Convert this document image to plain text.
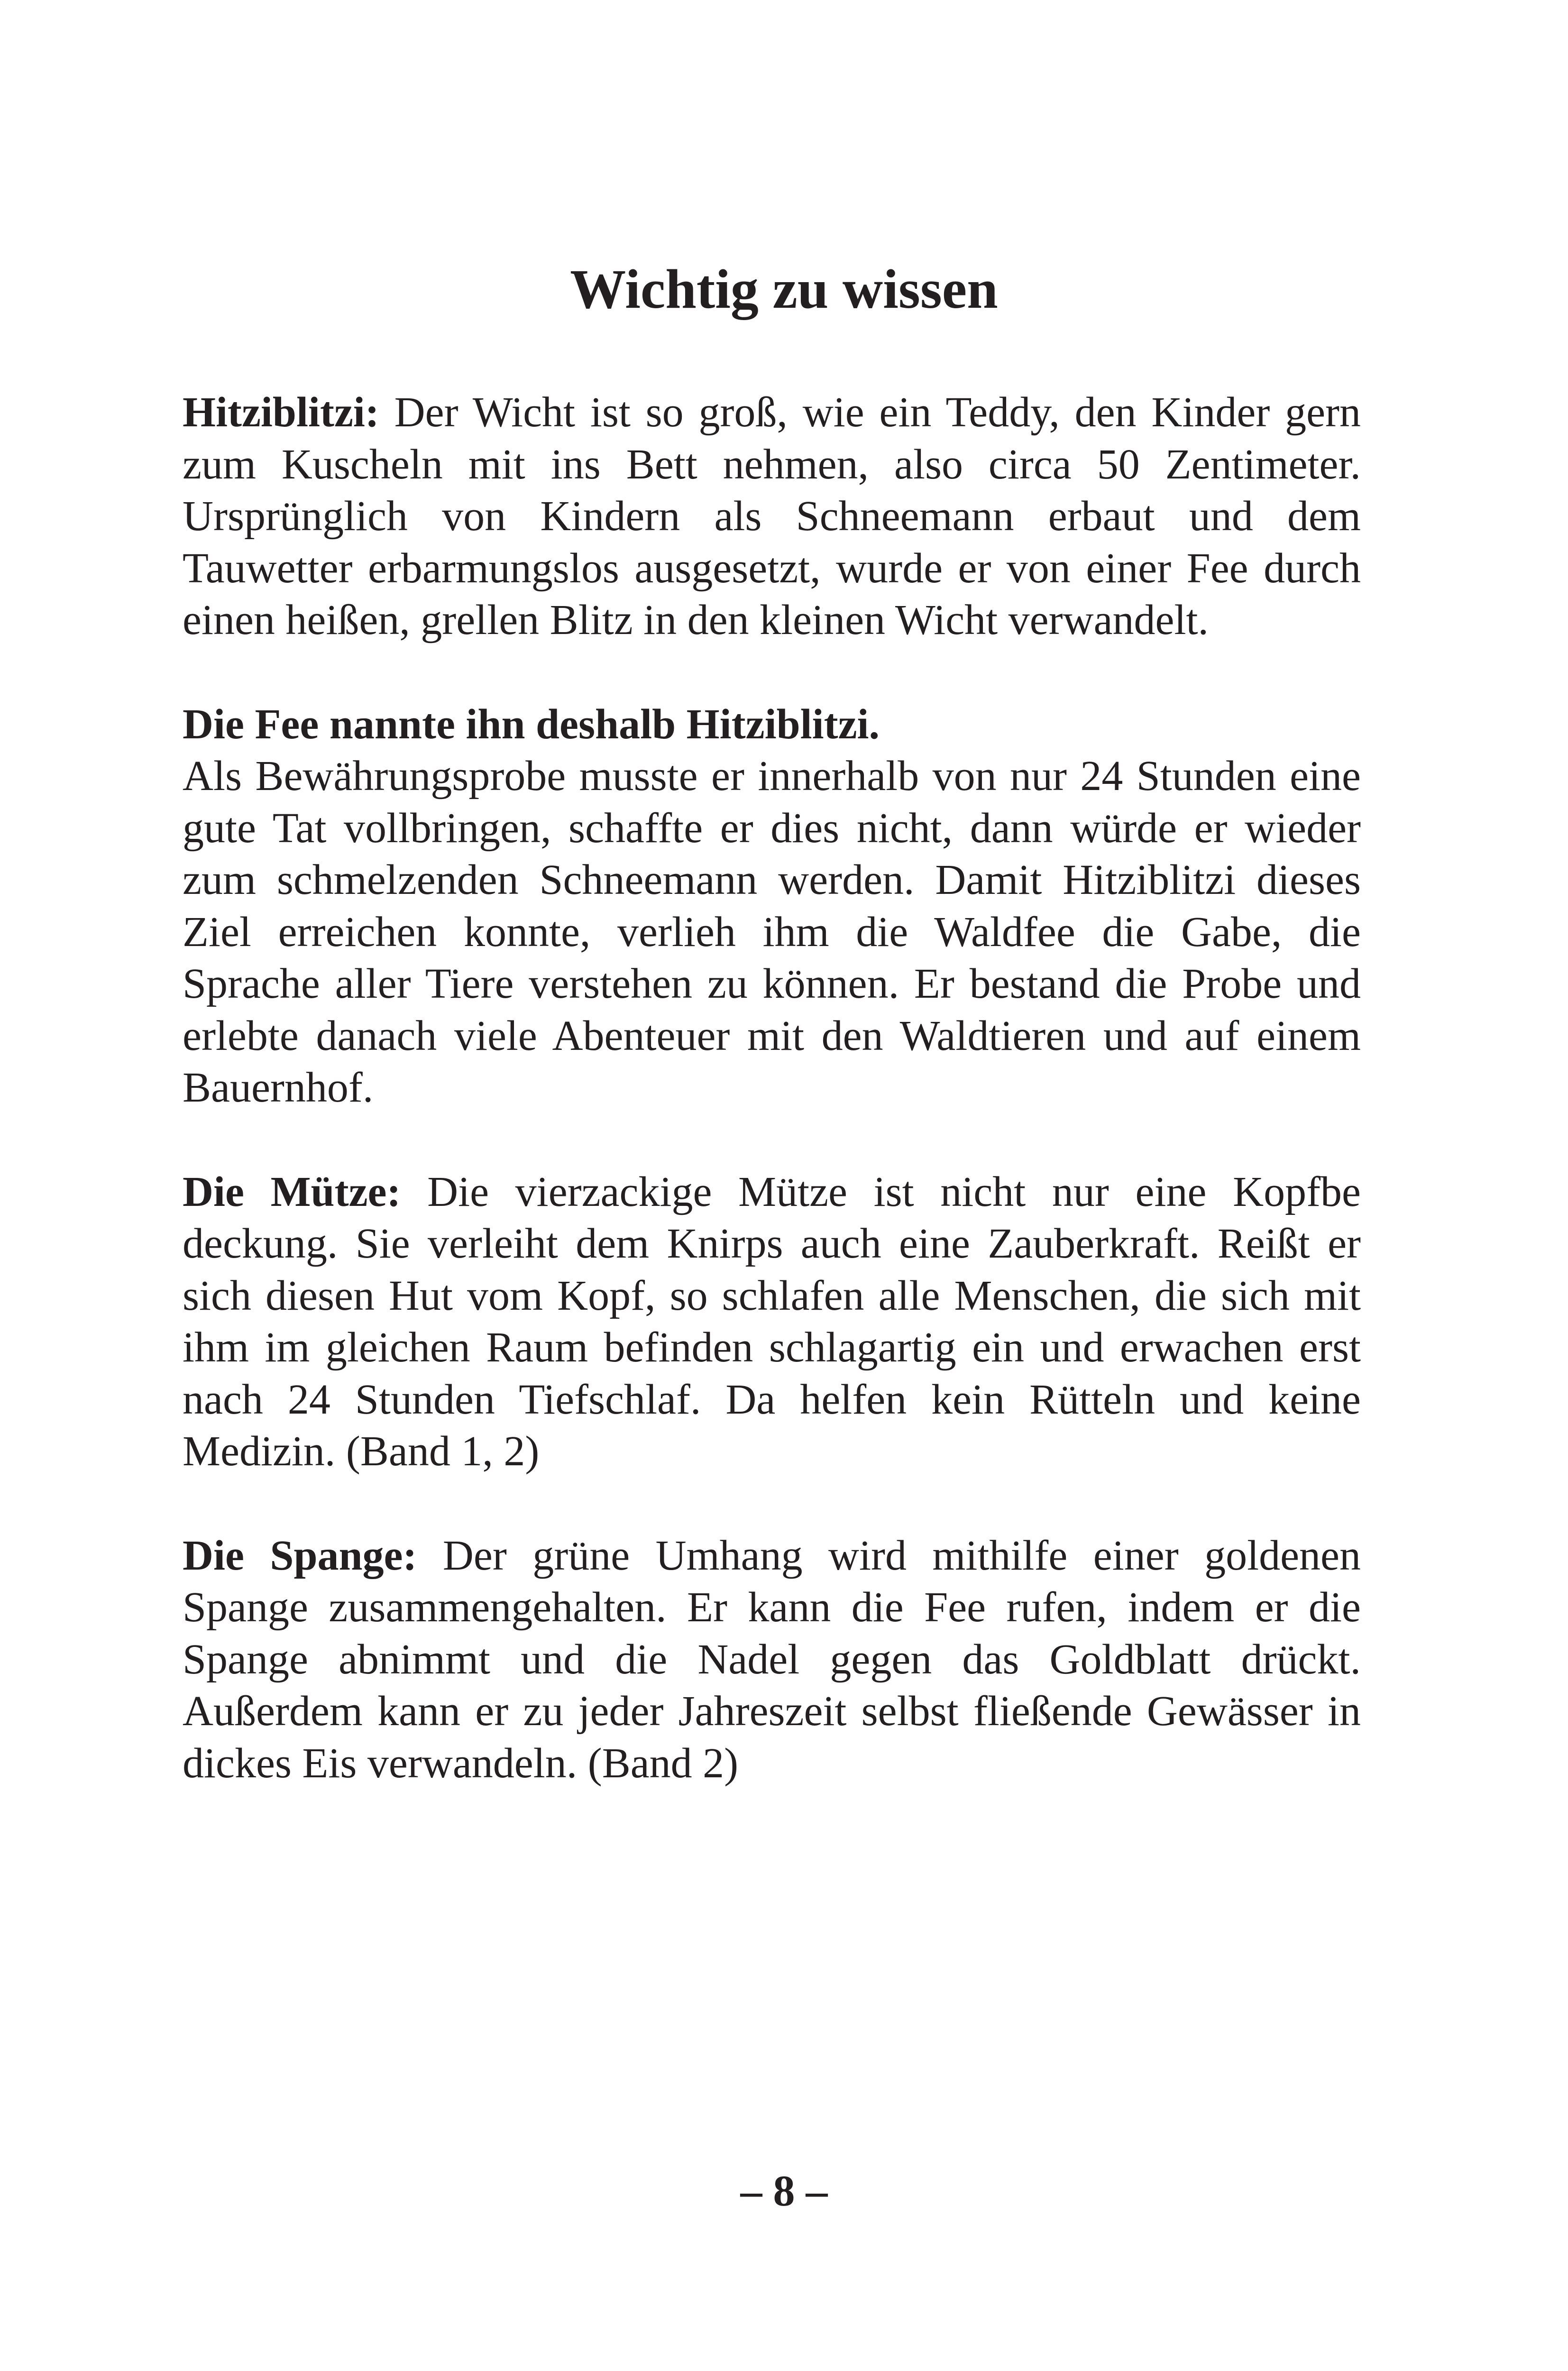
Wichtig zu wissen

Hitziblitzi: Der Wicht ist so groß, wie ein Teddy, den Kinder gern zum Kuscheln mit ins Bett nehmen, also circa 50 Zentimeter. Ursprünglich von Kindern als Schneemann erbaut und dem Tauwetter erbarmungslos ausgesetzt, wurde er von einer Fee durch einen heißen, grellen Blitz in den kleinen Wicht verwandelt.

Die Fee nannte ihn deshalb Hitziblitzi.

Als Bewährungsprobe musste er innerhalb von nur 24 Stunden eine gute Tat vollbringen, schaffte er dies nicht, dann würde er wieder zum schmelzenden Schneemann werden. Damit Hitziblitzi dieses Ziel erreichen konnte, verlieh ihm die Waldfee die Gabe, die Sprache aller Tiere verstehen zu können. Er bestand die Probe und erlebte danach viele Abenteuer mit den Waldtieren und auf einem Bauernhof.

Die Mütze: Die vierzackige Mütze ist nicht nur eine Kopfbe deckung. Sie verleiht dem Knirps auch eine Zauberkraft. Reißt er sich diesen Hut vom Kopf, so schlafen alle Menschen, die sich mit ihm im gleichen Raum befinden schlagartig ein und erwachen erst nach 24 Stunden Tiefschlaf. Da helfen kein Rütteln und keine Medizin. (Band 1, 2)

Die Spange: Der grüne Umhang wird mithilfe einer goldenen Spange zusammengehalten. Er kann die Fee rufen, indem er die Spange abnimmt und die Nadel gegen das Goldblatt drückt. Außerdem kann er zu jeder Jahreszeit selbst fließende Gewässer in dickes Eis verwandeln. (Band 2)

– 8 –
